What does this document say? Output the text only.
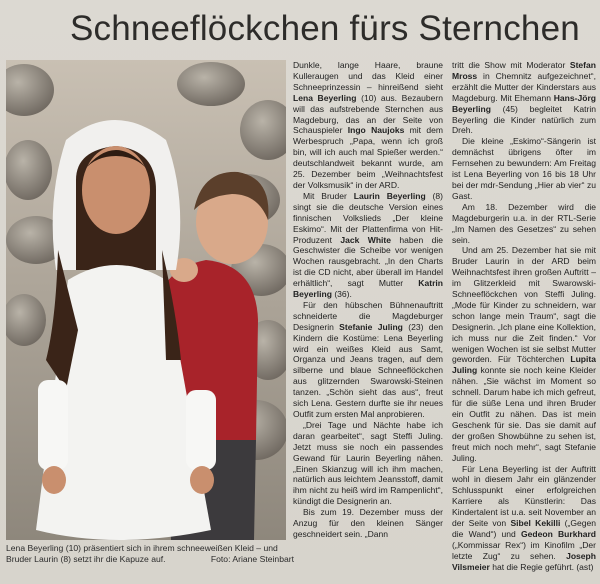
Schneeflöckchen fürs Sternchen
Lena Beyerling (10) präsentiert sich in ihrem schneeweißen Kleid – und Bruder Laurin (8) setzt ihr die Kapuze auf.	Foto: Ariane Steinbart

Dunkle, lange Haare, braune Kulleraugen und das Kleid einer Schneeprinzessin – hinreißend sieht Lena Beyerling (10) aus. Bezaubern will das aufstrebende Sternchen aus Magdeburg, das an der Seite von Schauspieler Ingo Naujoks mit dem Werbespruch „Papa, wenn ich groß bin, will ich auch mal Spießer werden.“ deutschlandweit bekannt wurde, am 25. Dezember beim „Weihnachtsfest der Volksmusik“ in der ARD.

Mit Bruder Laurin Beyerling (8) singt sie die deutsche Version eines finnischen Volkslieds „Der kleine Eskimo“. Mit der Plattenfirma von Hit-Produzent Jack White haben die Geschwister die Scheibe vor wenigen Wochen rausgebracht. „In den Charts ist die CD nicht, aber überall im Handel erhältlich“, sagt Mutter Katrin Beyerling (36).

Für den hübschen Bühnenauftritt schneiderte die Magdeburger Designerin Stefanie Juling (23) den Kindern die Kostüme: Lena Beyerling wird ein weißes Kleid aus Samt, Organza und Jeans tragen, auf dem silberne und blaue Schneeflöckchen aus glitzernden Swarowski-Steinen tanzen. „Schön sieht das aus“, freut sich Lena. Gestern durfte sie ihr neues Outfit zum ersten Mal anprobieren.

„Drei Tage und Nächte habe ich daran gearbeitet“, sagt Steffi Juling. Jetzt muss sie noch ein passendes Gewand für Laurin Beyerling nähen. „Einen Skianzug will ich ihm machen, natürlich aus leichtem Jeansstoff, damit ihm nicht zu heiß wird im Rampenlicht“, kündigt die Designerin an.

Bis zum 19. Dezember muss der Anzug für den kleinen Sänger geschneidert sein. „Dann

tritt die Show mit Moderator Stefan Mross in Chemnitz aufgezeichnet“, erzählt die Mutter der Kinderstars aus Magdeburg. Mit Ehemann Hans-Jörg Beyerling (45) begleitet Katrin Beyerling die Kinder natürlich zum Dreh.

Die kleine „Eskimo“-Sängerin ist demnächst übrigens öfter im Fernsehen zu bewundern: Am Freitag ist Lena Beyerling von 16 bis 18 Uhr bei der mdr-Sendung „Hier ab vier“ zu Gast.

Am 18. Dezember wird die Magdeburgerin u.a. in der RTL-Serie „Im Namen des Gesetzes“ zu sehen sein.

Und am 25. Dezember hat sie mit Bruder Laurin in der ARD beim Weihnachtsfest ihren großen Auftritt – im Glitzerkleid mit Swarowski-Schneeflöckchen von Steffi Juling. „Mode für Kinder zu schneidern, war schon lange mein Traum“, sagt die Designerin. „Ich plane eine Kollektion, ich muss nur die Zeit finden.“ Vor wenigen Wochen ist sie selbst Mutter geworden. Für Töchterchen Lupita Juling konnte sie noch keine Kleider nähen. „Sie wächst im Moment so schnell. Darum habe ich mich gefreut, für die süße Lena und ihren Bruder ein Outfit zu nähen. Das ist mein Geschenk für sie. Das sie damit auf der großen Showbühne zu sehen ist, freut mich noch mehr“, sagt Stefanie Juling.

Für Lena Beyerling ist der Auftritt wohl in diesem Jahr ein glänzender Schlusspunkt einer erfolgreichen Karriere als Künstlerin: Das Kindertalent ist u.a. seit November an der Seite von Sibel Kekilli („Gegen die Wand“) und Gedeon Burkhard („Kommissar Rex“) im Kinofilm „Der letzte Zug“ zu sehen. Joseph Vilsmeier hat die Regie geführt. (ast)
